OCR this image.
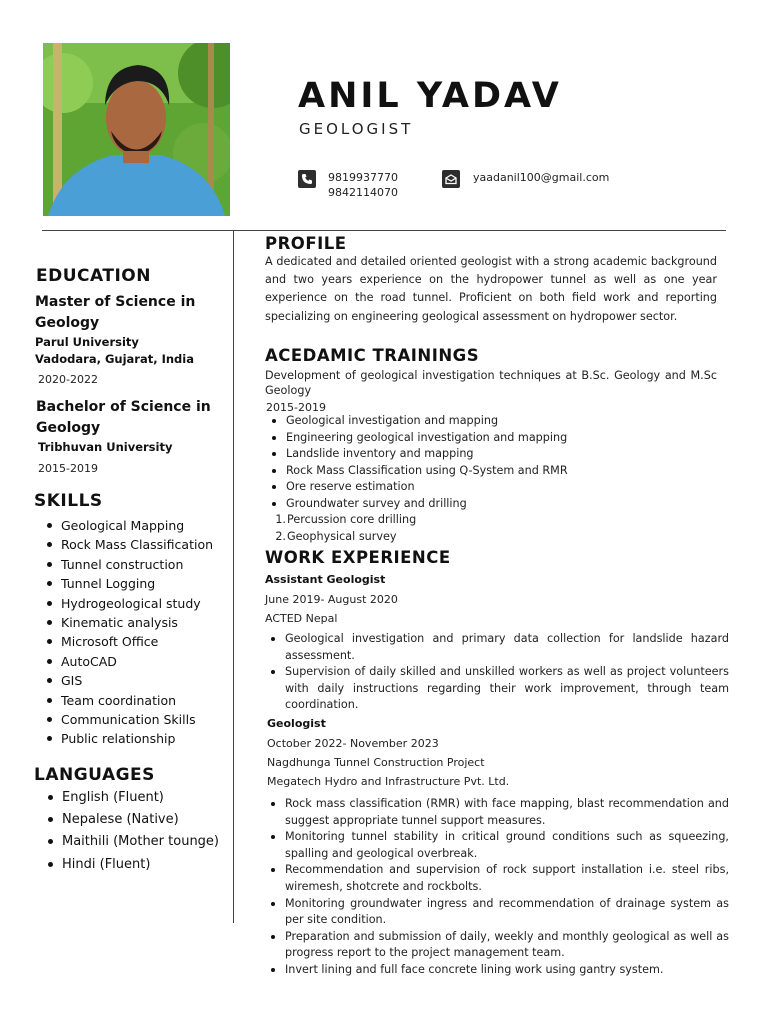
ANIL YADAV
GEOLOGIST
9819937770
9842114070
yaadanil100@gmail.com
EDUCATION
Master of Science in Geology
Parul University
Vadodara, Gujarat, India
2020-2022
Bachelor of Science in Geology
Tribhuvan University
2015-2019
SKILLS
Geological Mapping
Rock Mass Classification
Tunnel construction
Tunnel Logging
Hydrogeological study
Kinematic analysis
Microsoft Office
AutoCAD
GIS
Team coordination
Communication Skills
Public relationship
LANGUAGES
English (Fluent)
Nepalese (Native)
Maithili (Mother tounge)
Hindi (Fluent)
PROFILE
A dedicated and detailed oriented geologist with a strong academic background and two years experience on the hydropower tunnel as well as one year experience on the road tunnel. Proficient on both field work and reporting specializing on engineering geological assessment on hydropower sector.
ACEDAMIC TRAININGS
Development of geological investigation techniques at B.Sc. Geology and M.Sc Geology
2015-2019
Geological investigation and mapping
Engineering geological investigation and mapping
Landslide inventory and mapping
Rock Mass Classification using Q-System and RMR
Ore reserve estimation
Groundwater survey and drilling
1.Percussion core drilling
2.Geophysical survey
WORK EXPERIENCE
Assistant Geologist
June 2019- August 2020
ACTED Nepal
Geological investigation and primary data collection for landslide hazard assessment.
Supervision of daily skilled and unskilled workers as well as project volunteers with daily instructions regarding their work improvement, through team coordination.
Geologist
October 2022- November 2023
Nagdhunga Tunnel Construction Project
Megatech Hydro and Infrastructure Pvt. Ltd.
Rock mass classification (RMR) with face mapping, blast recommendation and suggest appropriate tunnel support measures.
Monitoring tunnel stability in critical ground conditions such as squeezing, spalling and geological overbreak.
Recommendation and supervision of rock support installation i.e. steel ribs, wiremesh, shotcrete and rockbolts.
Monitoring groundwater ingress and recommendation of drainage system as per site condition.
Preparation and submission of daily, weekly and monthly geological as well as progress report to the project management team.
Invert lining and full face concrete lining work using gantry system.
